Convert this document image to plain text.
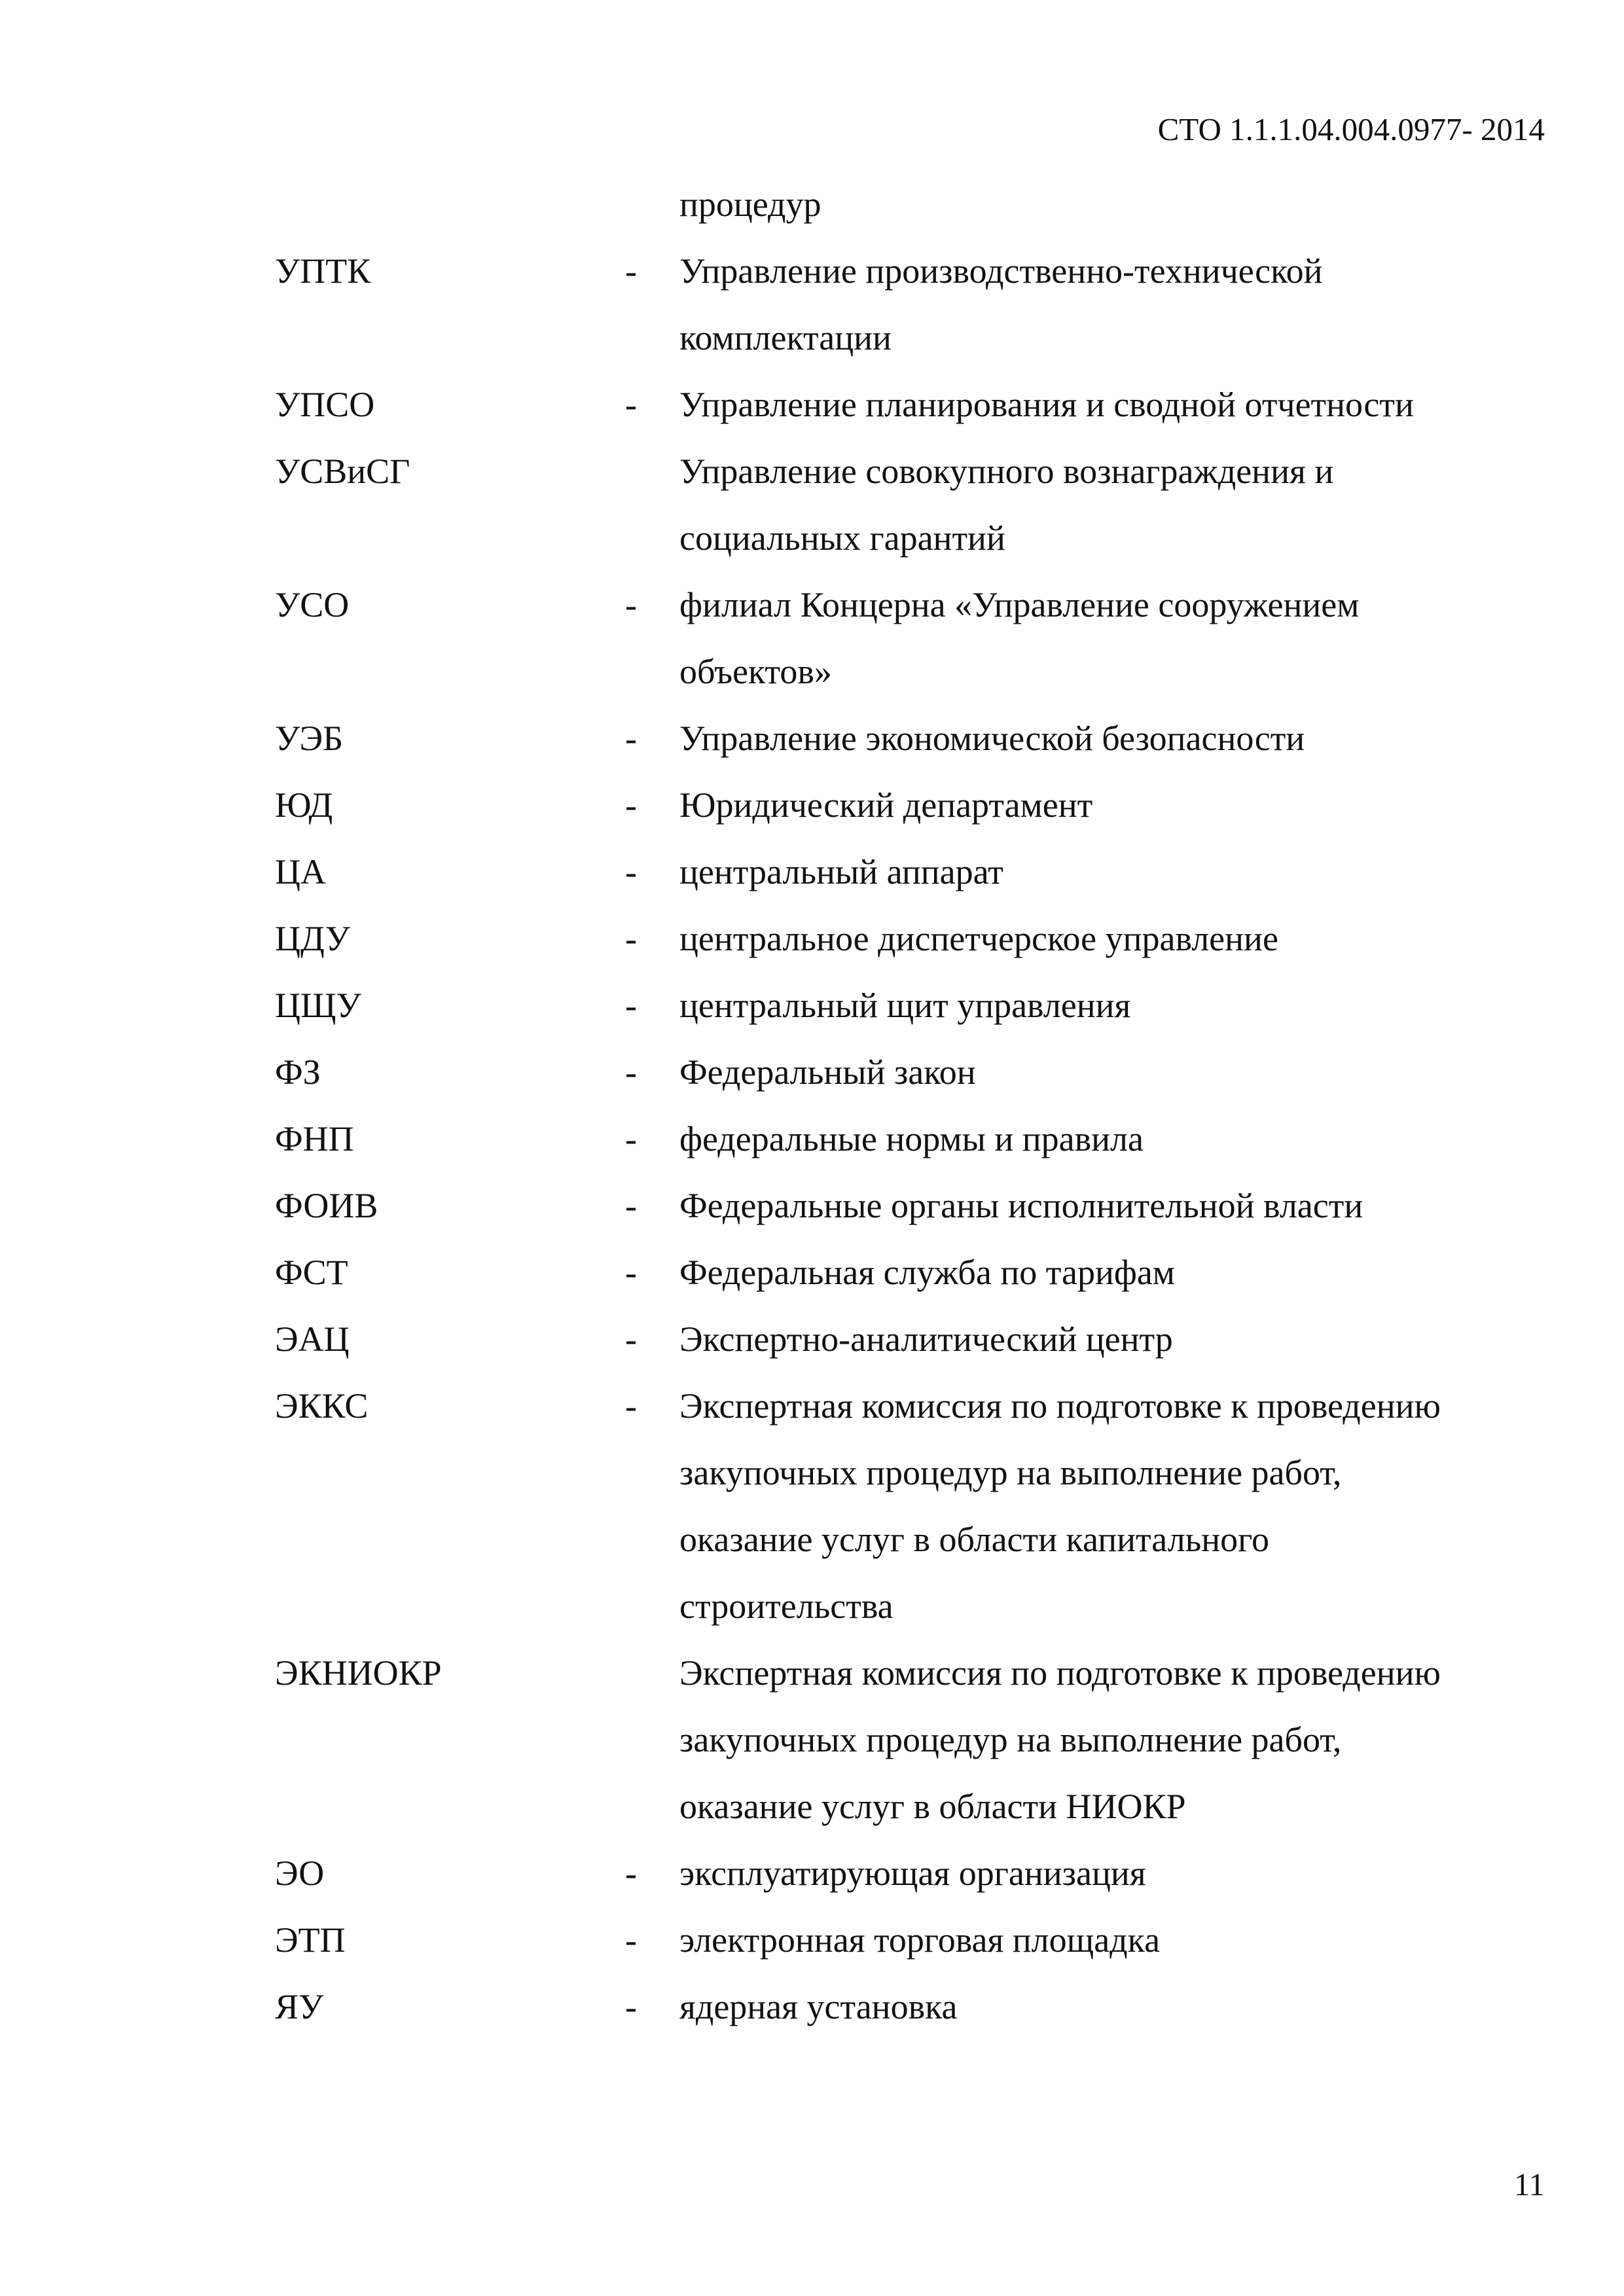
СТО 1.1.1.04.004.0977- 2014
процедур
УПТК	- Управление производственно-технической
комплектации
УПСО	- Управление планирования и сводной отчетности
УСВиСГ	Управление совокупного вознаграждения и
социальных гарантий
УСО	- филиал Концерна «Управление сооружением
объектов»
УЭБ	- Управление экономической безопасности
ЮД	- Юридический департамент
ЦА	- центральный аппарат
ЦДУ	- центральное диспетчерское управление
ЦЩУ	- центральный щит управления
ФЗ	- Федеральный закон
ФНП	- федеральные нормы и правила
ФОИВ	- Федеральные органы исполнительной власти
ФСТ	- Федеральная служба по тарифам
ЭАЦ	- Экспертно-аналитический центр
ЭККС	- Экспертная комиссия по подготовке к проведению
закупочных процедур на выполнение работ,
оказание услуг в области капитального
строительства
ЭКНИОКР	Экспертная комиссия по подготовке к проведению
закупочных процедур на выполнение работ,
оказание услуг в области НИОКР
ЭО	- эксплуатирующая организация
ЭТП	- электронная торговая площадка
ЯУ	- ядерная установка
11
